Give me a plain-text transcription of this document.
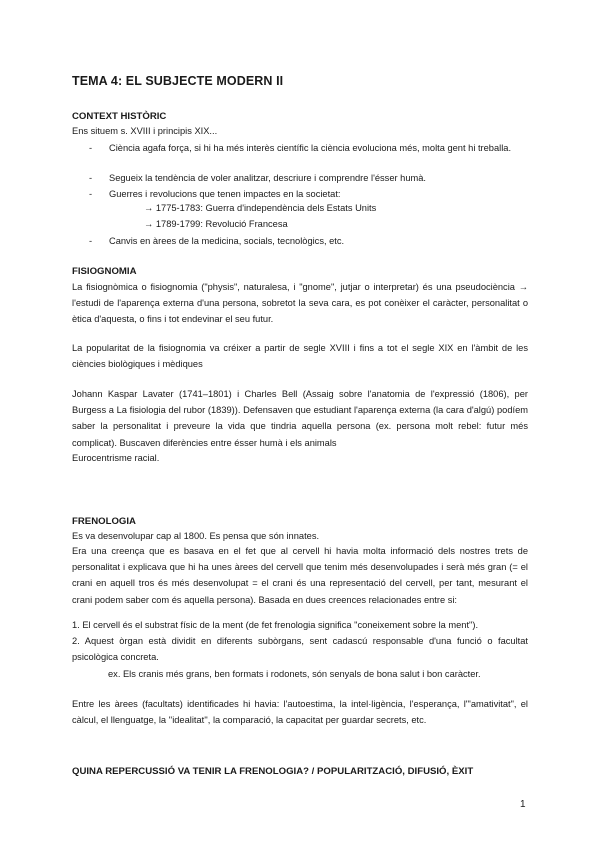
TEMA 4: EL SUBJECTE MODERN II
CONTEXT HISTÒRIC
Ens situem s. XVIII i principis XIX...
- Ciència agafa força, si hi ha més interès científic la ciència evoluciona més, molta gent hi treballa.
- Segueix la tendència de voler analitzar, descriure i comprendre l'ésser humà.
- Guerres i revolucions que tenen impactes en la societat:
→ 1775-1783: Guerra d'independència dels Estats Units
→ 1789-1799: Revolució Francesa
- Canvis en àrees de la medicina, socials, tecnològics, etc.
FISIOGNOMIA
La fisiognòmica o fisiognomia ("physis", naturalesa, i "gnome", jutjar o interpretar) és una pseudociència → l'estudi de l'aparença externa d'una persona, sobretot la seva cara, es pot conèixer el caràcter, personalitat o ètica d'aquesta, o fins i tot endevinar el seu futur.
La popularitat de la fisiognomia va créixer a partir de segle XVIII i fins a tot el segle XIX en l'àmbit de les ciències biològiques i mèdiques
Johann Kaspar Lavater (1741–1801) i Charles Bell (Assaig sobre l'anatomia de l'expressió (1806), per Burgess a La fisiologia del rubor (1839)). Defensaven que estudiant l'aparença externa (la cara d'algú) podíem saber la personalitat i preveure la vida que tindria aquella persona (ex. persona molt rebel: futur més complicat). Buscaven diferències entre ésser humà i els animals
Eurocentrisme racial.
FRENOLOGIA
Es va desenvolupar cap al 1800. Es pensa que són innates.
Era una creença que es basava en el fet que al cervell hi havia molta informació dels nostres trets de personalitat i explicava que hi ha unes àrees del cervell que tenim més desenvolupades i serà més gran (= el crani en aquell tros és més desenvolupat = el crani és una representació del cervell, per tant, mesurant el crani podem saber com és aquella persona). Basada en dues creences relacionades entre si:
1. El cervell és el substrat físic de la ment (de fet frenologia significa "coneixement sobre la ment").
2. Aquest òrgan està dividit en diferents subòrgans, sent cadascú responsable d'una funció o facultat psicològica concreta.
ex. Els cranis més grans, ben formats i rodonets, són senyals de bona salut i bon caràcter.
Entre les àrees (facultats) identificades hi havia: l'autoestima, la intel·ligència, l'esperança, l'"amativitat", el càlcul, el llenguatge, la ''idealitat'', la comparació, la capacitat per guardar secrets, etc.
QUINA REPERCUSSIÓ VA TENIR LA FRENOLOGIA? / POPULARITZACIÓ, DIFUSIÓ, ÈXIT
1
